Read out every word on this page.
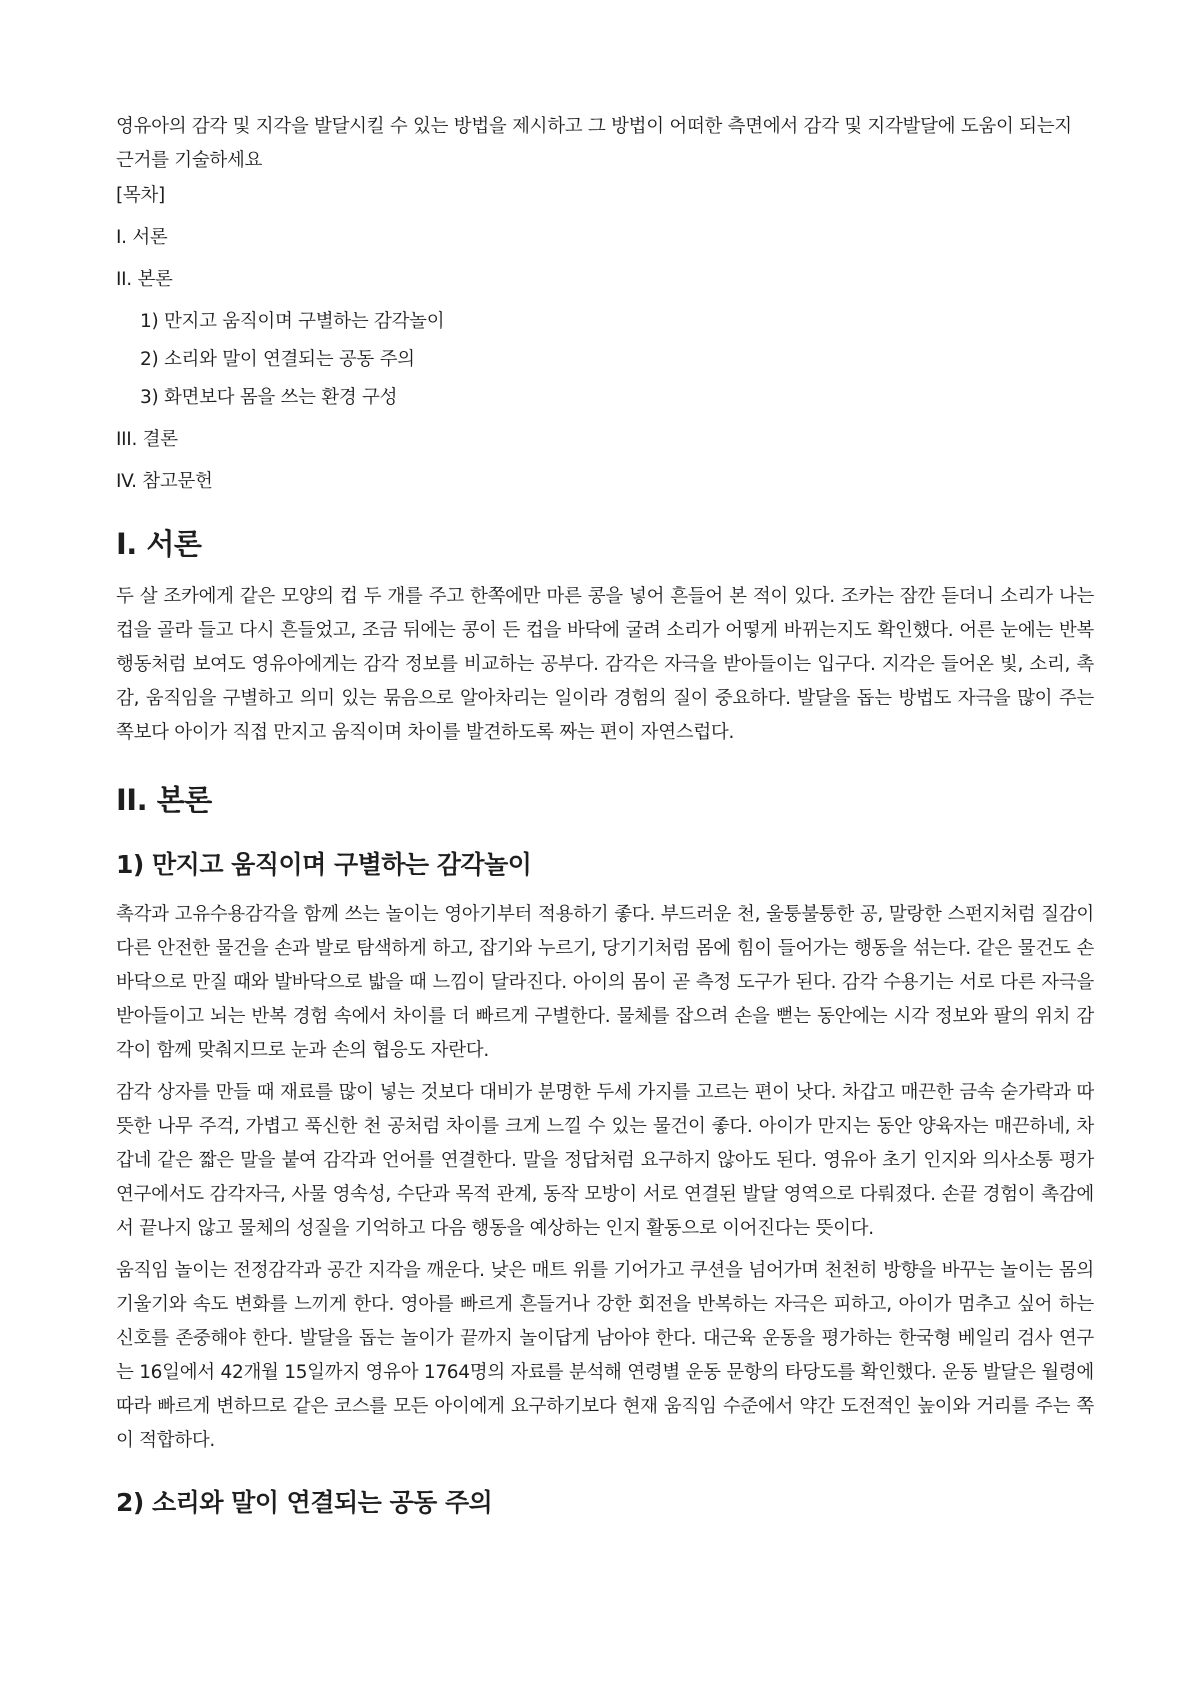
영유아의 감각 및 지각을 발달시킬 수 있는 방법을 제시하고 그 방법이 어떠한 측면에서 감각 및 지각발달에 도움이 되는지 근거를 기술하세요

[목차]
I. 서론
II. 본론
1) 만지고 움직이며 구별하는 감각놀이
2) 소리와 말이 연결되는 공동 주의
3) 화면보다 몸을 쓰는 환경 구성
III. 결론
IV. 참고문헌
I. 서론

두 살 조카에게 같은 모양의 컵 두 개를 주고 한쪽에만 마른 콩을 넣어 흔들어 본 적이 있다. 조카는 잠깐 듣더니 소리가 나는 컵을 골라 들고 다시 흔들었고, 조금 뒤에는 콩이 든 컵을 바닥에 굴려 소리가 어떻게 바뀌는지도 확인했다. 어른 눈에는 반복 행동처럼 보여도 영유아에게는 감각 정보를 비교하는 공부다. 감각은 자극을 받아들이는 입구다. 지각은 들어온 빛, 소리, 촉감, 움직임을 구별하고 의미 있는 묶음으로 알아차리는 일이라 경험의 질이 중요하다. 발달을 돕는 방법도 자극을 많이 주는 쪽보다 아이가 직접 만지고 움직이며 차이를 발견하도록 짜는 편이 자연스럽다.

II. 본론
1) 만지고 움직이며 구별하는 감각놀이

촉각과 고유수용감각을 함께 쓰는 놀이는 영아기부터 적용하기 좋다. 부드러운 천, 울퉁불퉁한 공, 말랑한 스펀지처럼 질감이 다른 안전한 물건을 손과 발로 탐색하게 하고, 잡기와 누르기, 당기기처럼 몸에 힘이 들어가는 행동을 섞는다. 같은 물건도 손바닥으로 만질 때와 발바닥으로 밟을 때 느낌이 달라진다. 아이의 몸이 곧 측정 도구가 된다. 감각 수용기는 서로 다른 자극을 받아들이고 뇌는 반복 경험 속에서 차이를 더 빠르게 구별한다. 물체를 잡으려 손을 뻗는 동안에는 시각 정보와 팔의 위치 감각이 함께 맞춰지므로 눈과 손의 협응도 자란다.

감각 상자를 만들 때 재료를 많이 넣는 것보다 대비가 분명한 두세 가지를 고르는 편이 낫다. 차갑고 매끈한 금속 숟가락과 따뜻한 나무 주걱, 가볍고 푹신한 천 공처럼 차이를 크게 느낄 수 있는 물건이 좋다. 아이가 만지는 동안 양육자는 매끈하네, 차갑네 같은 짧은 말을 붙여 감각과 언어를 연결한다. 말을 정답처럼 요구하지 않아도 된다. 영유아 초기 인지와 의사소통 평가 연구에서도 감각자극, 사물 영속성, 수단과 목적 관계, 동작 모방이 서로 연결된 발달 영역으로 다뤄졌다. 손끝 경험이 촉감에서 끝나지 않고 물체의 성질을 기억하고 다음 행동을 예상하는 인지 활동으로 이어진다는 뜻이다.

움직임 놀이는 전정감각과 공간 지각을 깨운다. 낮은 매트 위를 기어가고 쿠션을 넘어가며 천천히 방향을 바꾸는 놀이는 몸의 기울기와 속도 변화를 느끼게 한다. 영아를 빠르게 흔들거나 강한 회전을 반복하는 자극은 피하고, 아이가 멈추고 싶어 하는 신호를 존중해야 한다. 발달을 돕는 놀이가 끝까지 놀이답게 남아야 한다. 대근육 운동을 평가하는 한국형 베일리 검사 연구는 16일에서 42개월 15일까지 영유아 1764명의 자료를 분석해 연령별 운동 문항의 타당도를 확인했다. 운동 발달은 월령에 따라 빠르게 변하므로 같은 코스를 모든 아이에게 요구하기보다 현재 움직임 수준에서 약간 도전적인 높이와 거리를 주는 쪽이 적합하다.

2) 소리와 말이 연결되는 공동 주의
